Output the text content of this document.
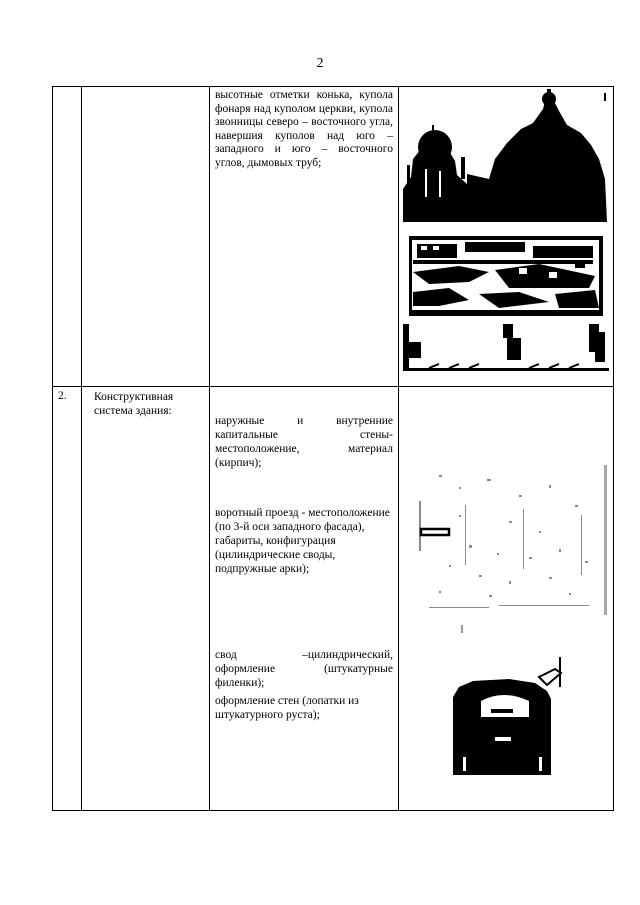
2

		высотные отметки конька, купола фонаря над куполом церкви, купола звонницы северо – восточного угла, навершия куполов над юго – западного и юго – восточного углов, дымовых труб;

2.	Конструктивная система здания:	наружные и внутренние капитальные стены- местоположение, материал (кирпич);

воротный проезд - местоположение (по 3-й оси западного фасада), габариты, конфигурация (цилиндрические своды, подпружные арки);

свод –цилиндрический, оформление (штукатурные филенки);

оформление стен (лопатки из штукатурного руста);
